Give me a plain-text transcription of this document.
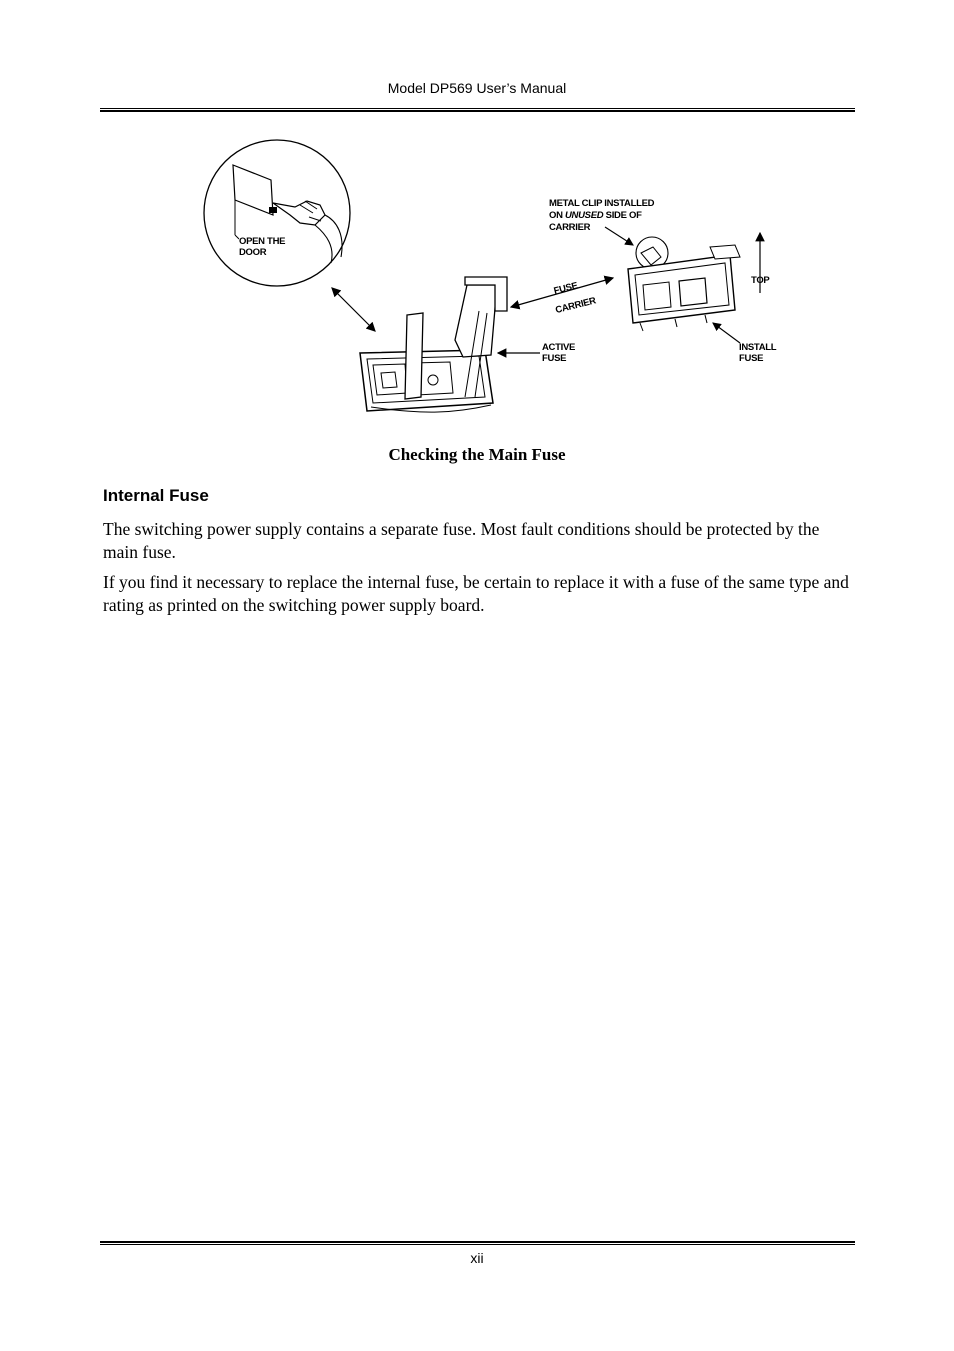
Model DP569 User’s Manual
OPEN THE
DOOR
FUSE
CARRIER
ACTIVE
FUSE
METAL CLIP INSTALLED
ON UNUSED SIDE OF
CARRIER
TOP
INSTALL
FUSE
Checking the Main Fuse
Internal Fuse
The switching power supply contains a separate fuse. Most fault conditions should be protected by the main fuse.
If you find it necessary to replace the internal fuse, be certain to replace it with a fuse of the same type and rating as printed on the switching power supply board.
xii
